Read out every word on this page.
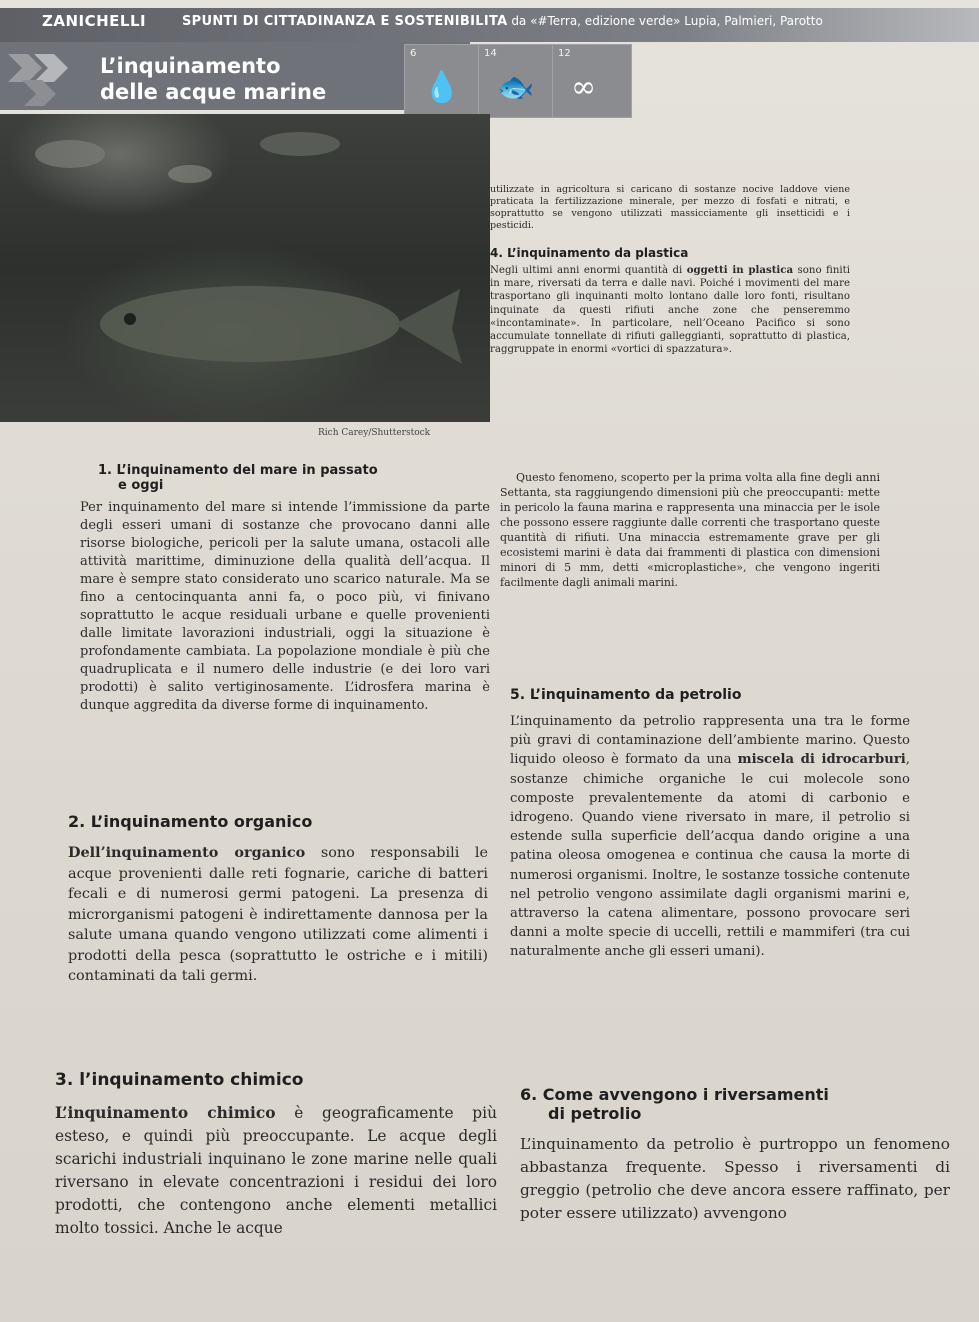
ZANICHELLI	SPUNTI DI CITTADINANZA E SOSTENIBILITÀ da «#Terra, edizione verde» Lupia, Palmieri, Parotto
L’inquinamento
delle acque marine
6
💧
14
🐟
12
∞
Rich Carey/Shutterstock

utilizzate in agricoltura si caricano di sostanze nocive laddove viene praticata la fertilizzazione minerale, per mezzo di fosfati e nitrati, e soprattutto se vengono utilizzati massicciamente gli insetticidi e i pesticidi.

4. L’inquinamento da plastica

Negli ultimi anni enormi quantità di oggetti in plastica sono finiti in mare, riversati da terra e dalle navi. Poiché i movimenti del mare trasportano gli inquinanti molto lontano dalle loro fonti, risultano inquinate da questi rifiuti anche zone che penseremmo «incontaminate». In particolare, nell’Oceano Pacifico si sono accumulate tonnellate di rifiuti galleggianti, soprattutto di plastica, raggruppate in enormi «vortici di spazzatura».

1. L’inquinamento del mare in passato

e oggi

Per inquinamento del mare si intende l’immissione da parte degli esseri umani di sostanze che provocano danni alle risorse biologiche, pericoli per la salute umana, ostacoli alle attività marittime, diminuzione della qualità dell’acqua. Il mare è sempre stato considerato uno scarico naturale. Ma se fino a centocinquanta anni fa, o poco più, vi finivano soprattutto le acque residuali urbane e quelle provenienti dalle limitate lavorazioni industriali, oggi la situazione è profondamente cambiata. La popolazione mondiale è più che quadruplicata e il numero delle industrie (e dei loro vari prodotti) è salito vertiginosamente. L’idrosfera marina è dunque aggredita da diverse forme di inquinamento.

2. L’inquinamento organico

Dell’inquinamento organico sono responsabili le acque provenienti dalle reti fognarie, cariche di batteri fecali e di numerosi germi patogeni. La presenza di microrganismi patogeni è indirettamente dannosa per la salute umana quando vengono utilizzati come alimenti i prodotti della pesca (soprattutto le ostriche e i mitili) contaminati da tali germi.

3. l’inquinamento chimico

L’inquinamento chimico è geograficamente più esteso, e quindi più preoccupante. Le acque degli scarichi industriali inquinano le zone marine nelle quali riversano in elevate concentrazioni i residui dei loro prodotti, che contengono anche elementi metallici molto tossici. Anche le acque

Questo fenomeno, scoperto per la prima volta alla fine degli anni Settanta, sta raggiungendo dimensioni più che preoccupanti: mette in pericolo la fauna marina e rappresenta una minaccia per le isole che possono essere raggiunte dalle correnti che trasportano queste quantità di rifiuti. Una minaccia estremamente grave per gli ecosistemi marini è data dai frammenti di plastica con dimensioni minori di 5 mm, detti «microplastiche», che vengono ingeriti facilmente dagli animali marini.

5. L’inquinamento da petrolio

L’inquinamento da petrolio rappresenta una tra le forme più gravi di contaminazione dell’ambiente marino. Questo liquido oleoso è formato da una miscela di idrocarburi, sostanze chimiche organiche le cui molecole sono composte prevalentemente da atomi di carbonio e idrogeno. Quando viene riversato in mare, il petrolio si estende sulla superficie dell’acqua dando origine a una patina oleosa omogenea e continua che causa la morte di numerosi organismi. Inoltre, le sostanze tossiche contenute nel petrolio vengono assimilate dagli organismi marini e, attraverso la catena alimentare, possono provocare seri danni a molte specie di uccelli, rettili e mammiferi (tra cui naturalmente anche gli esseri umani).

6. Come avvengono i riversamenti

di petrolio

L’inquinamento da petrolio è purtroppo un fenomeno abbastanza frequente. Spesso i riversamenti di greggio (petrolio che deve ancora essere raffinato, per poter essere utilizzato) avvengono
